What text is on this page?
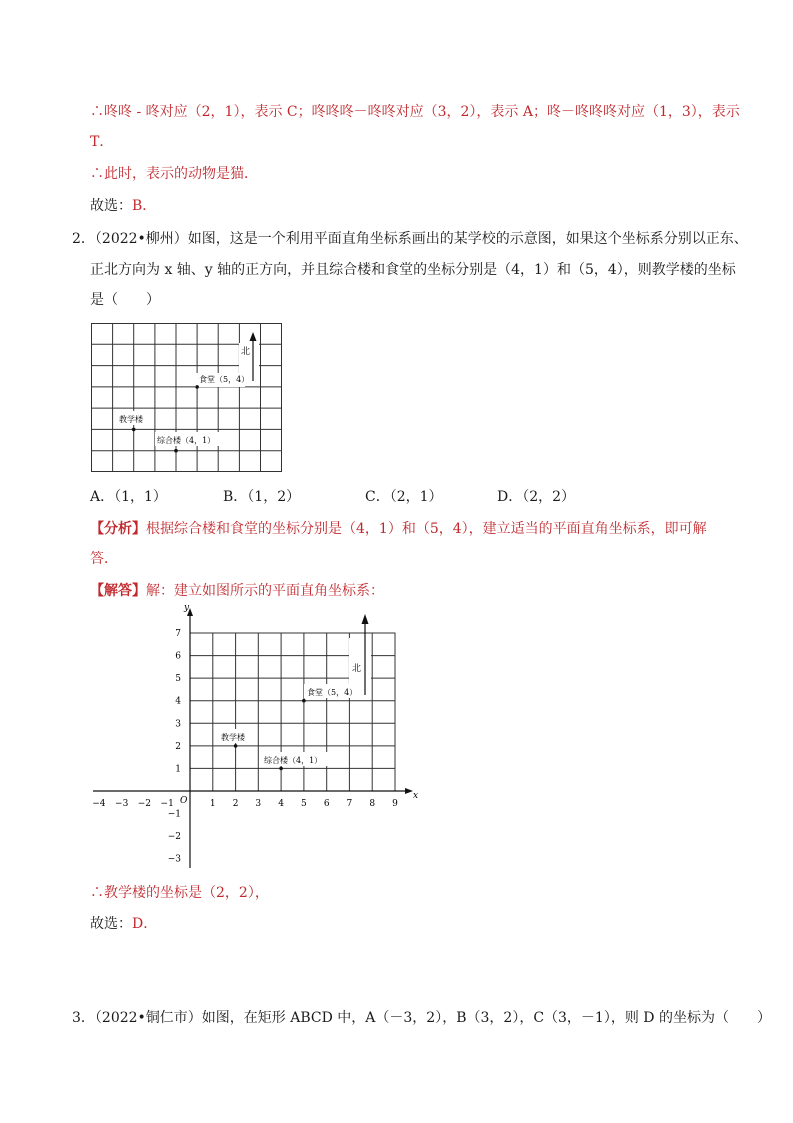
∴咚咚 - 咚对应（2，1），表示 C；咚咚咚－咚咚对应（3，2），表示 A；咚－咚咚咚对应（1，3），表示
T．
∴此时，表示的动物是猫．
故选：B．
2．（2022•柳州）如图，这是一个利用平面直角坐标系画出的某学校的示意图，如果这个坐标系分别以正东、
正北方向为 x 轴、y 轴的正方向，并且综合楼和食堂的坐标分别是（4，1）和（5，4），则教学楼的坐标
是（　　）
北
食堂（5，4）
教学楼
综合楼（4，1）
A．（1，1）	B．（1，2）	C．（2，1）	D．（2，2）
【分析】根据综合楼和食堂的坐标分别是（4，1）和（5，4），建立适当的平面直角坐标系，即可解
答．
【解答】解：建立如图所示的平面直角坐标系：
x
y
O
−4 −3 −2 −1	1 2 3 4 5 6 7 8 9
7
6
5
4
3
2
1
−1
−2
−3
北
食堂（5，4）
教学楼
综合楼（4，1）
∴教学楼的坐标是（2，2），
故选：D．
3．（2022•铜仁市）如图，在矩形 ABCD 中，A（－3，2），B（3，2），C（3，－1），则 D 的坐标为（　　）
